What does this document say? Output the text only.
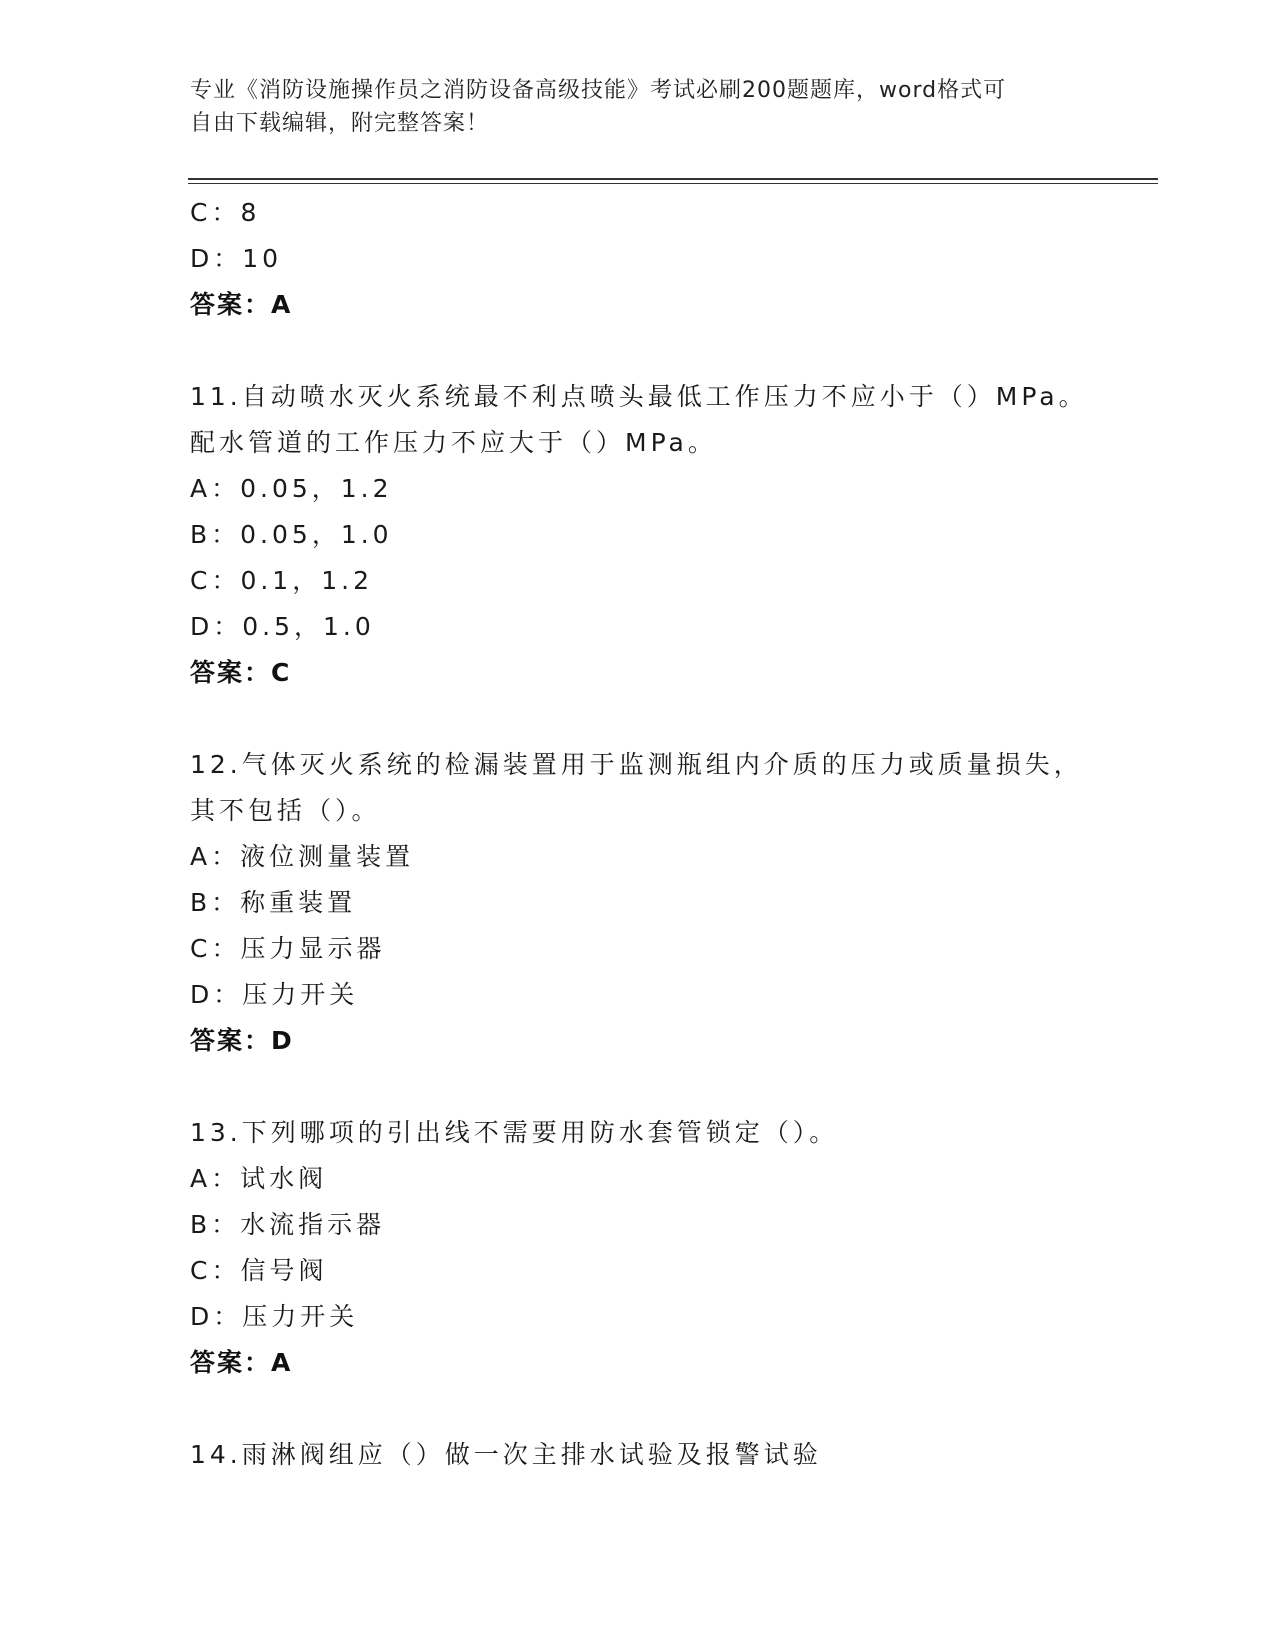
专业《消防设施操作员之消防设备高级技能》考试必刷200题题库，word格式可
自由下载编辑，附完整答案！
C：8
D：10
答案：A
11.自动喷水灭火系统最不利点喷头最低工作压力不应小于（）MPa。
配水管道的工作压力不应大于（）MPa。
A：0.05，1.2
B：0.05，1.0
C：0.1，1.2
D：0.5，1.0
答案：C
12.气体灭火系统的检漏装置用于监测瓶组内介质的压力或质量损失，
其不包括（）。
A：液位测量装置
B：称重装置
C：压力显示器
D：压力开关
答案：D
13.下列哪项的引出线不需要用防水套管锁定（）。
A：试水阀
B：水流指示器
C：信号阀
D：压力开关
答案：A
14.雨淋阀组应（）做一次主排水试验及报警试验
